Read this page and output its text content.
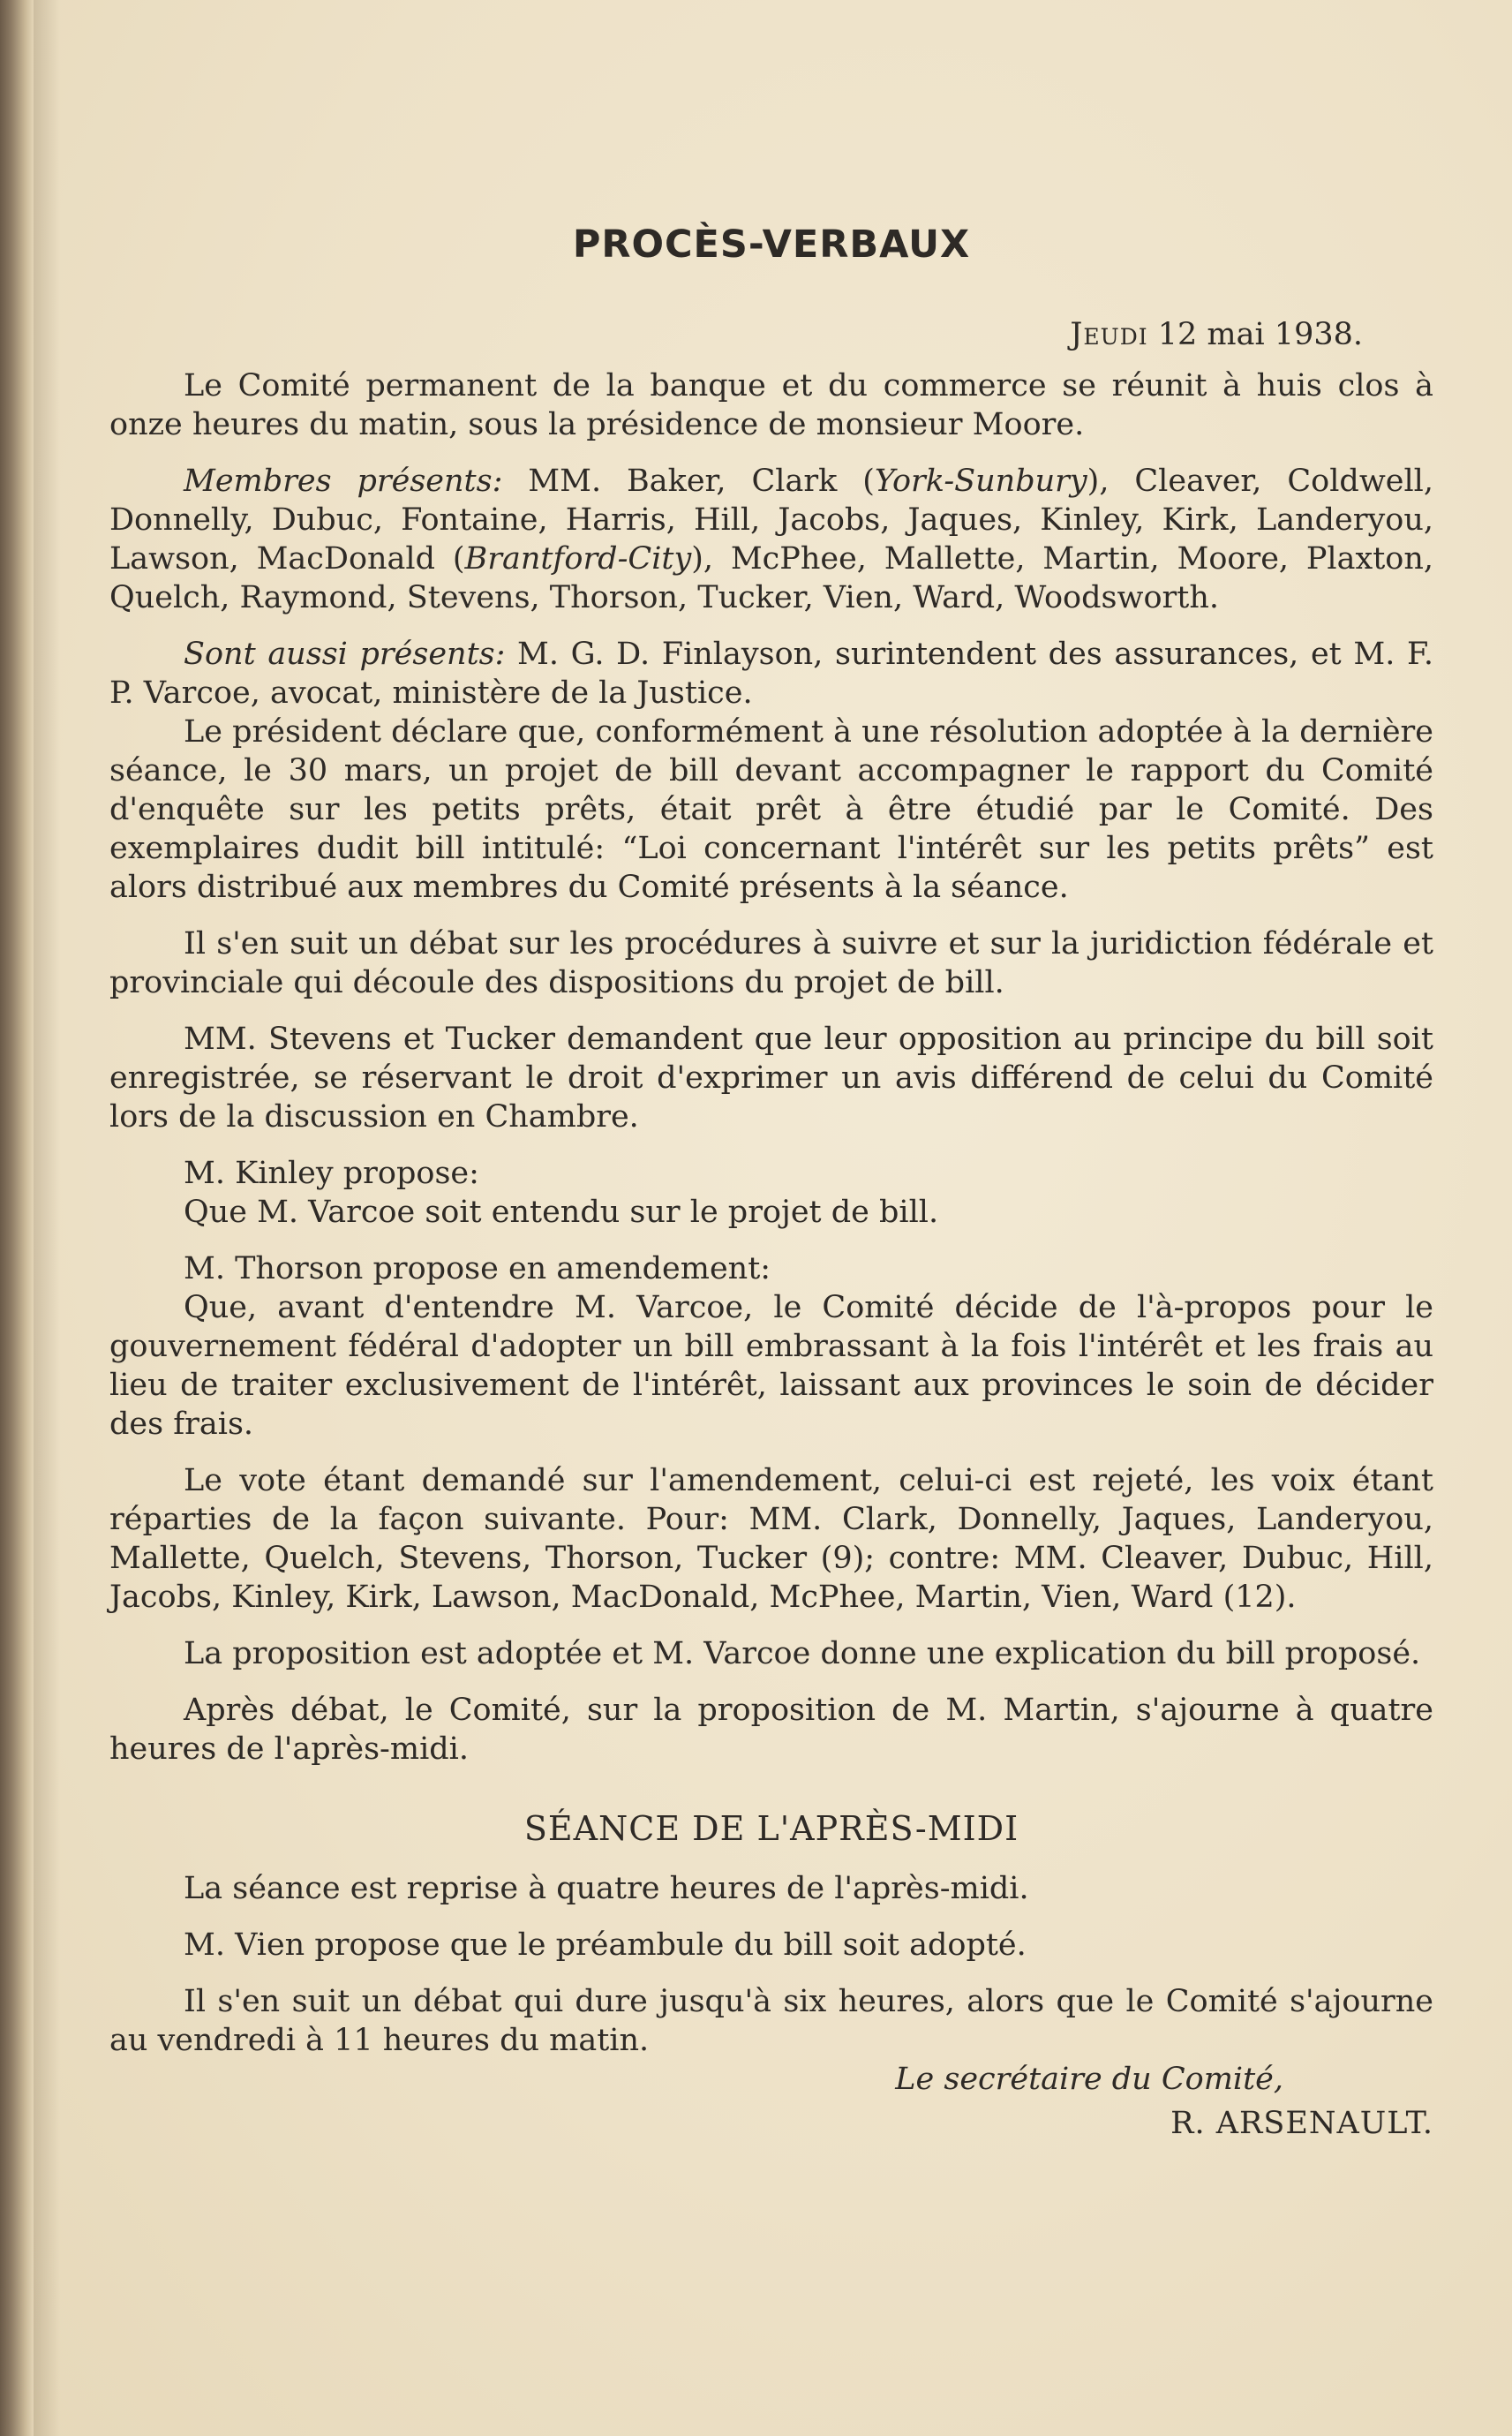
PROCÈS-VERBAUX
Jeudi 12 mai 1938.

Le Comité permanent de la banque et du commerce se réunit à huis clos à onze heures du matin, sous la présidence de monsieur Moore.

Membres présents: MM. Baker, Clark (York-Sunbury), Cleaver, Coldwell, Donnelly, Dubuc, Fontaine, Harris, Hill, Jacobs, Jaques, Kinley, Kirk, Landeryou, Lawson, MacDonald (Brantford-City), McPhee, Mallette, Martin, Moore, Plaxton, Quelch, Raymond, Stevens, Thorson, Tucker, Vien, Ward, Woodsworth.

Sont aussi présents: M. G. D. Finlayson, surintendent des assurances, et M. F. P. Varcoe, avocat, ministère de la Justice.

Le président déclare que, conformément à une résolution adoptée à la dernière séance, le 30 mars, un projet de bill devant accompagner le rapport du Comité d'enquête sur les petits prêts, était prêt à être étudié par le Comité. Des exemplaires dudit bill intitulé: “Loi concernant l'intérêt sur les petits prêts” est alors distribué aux membres du Comité présents à la séance.

Il s'en suit un débat sur les procédures à suivre et sur la juridiction fédérale et provinciale qui découle des dispositions du projet de bill.

MM. Stevens et Tucker demandent que leur opposition au principe du bill soit enregistrée, se réservant le droit d'exprimer un avis différend de celui du Comité lors de la discussion en Chambre.

M. Kinley propose:

Que M. Varcoe soit entendu sur le projet de bill.

M. Thorson propose en amendement:

Que, avant d'entendre M. Varcoe, le Comité décide de l'à-propos pour le gouvernement fédéral d'adopter un bill embrassant à la fois l'intérêt et les frais au lieu de traiter exclusivement de l'intérêt, laissant aux provinces le soin de décider des frais.

Le vote étant demandé sur l'amendement, celui-ci est rejeté, les voix étant réparties de la façon suivante. Pour: MM. Clark, Donnelly, Jaques, Landeryou, Mallette, Quelch, Stevens, Thorson, Tucker (9); contre: MM. Cleaver, Dubuc, Hill, Jacobs, Kinley, Kirk, Lawson, MacDonald, McPhee, Martin, Vien, Ward (12).

La proposition est adoptée et M. Varcoe donne une explication du bill proposé.

Après débat, le Comité, sur la proposition de M. Martin, s'ajourne à quatre heures de l'après-midi.

SÉANCE DE L'APRÈS-MIDI

La séance est reprise à quatre heures de l'après-midi.

M. Vien propose que le préambule du bill soit adopté.

Il s'en suit un débat qui dure jusqu'à six heures, alors que le Comité s'ajourne au vendredi à 11 heures du matin.

Le secrétaire du Comité,
R. ARSENAULT.
